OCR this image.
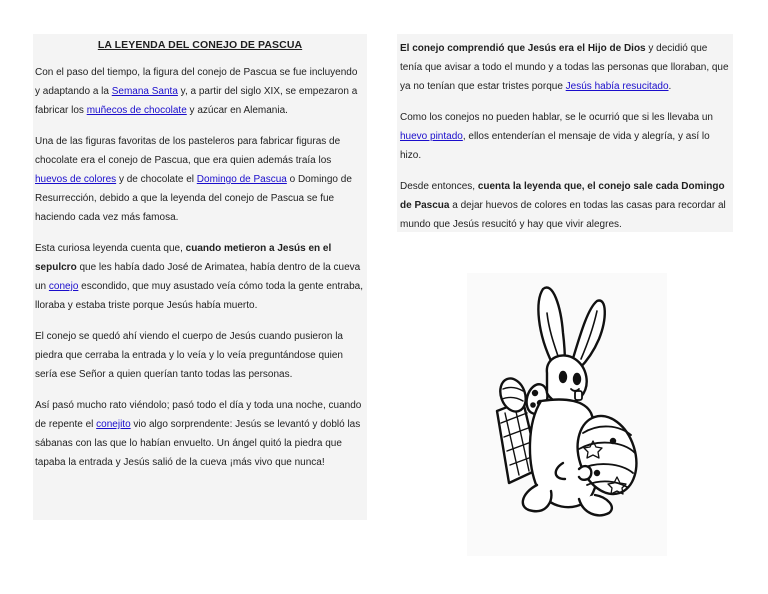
LA LEYENDA DEL CONEJO DE PASCUA

Con el paso del tiempo, la figura del conejo de Pascua se fue incluyendo y adaptando a la Semana Santa y, a partir del siglo XIX, se empezaron a fabricar los muñecos de chocolate y azúcar en Alemania.

Una de las figuras favoritas de los pasteleros para fabricar figuras de chocolate era el conejo de Pascua, que era quien además traía los huevos de colores y de chocolate el Domingo de Pascua o Domingo de Resurrección, debido a que la leyenda del conejo de Pascua se fue haciendo cada vez más famosa.

Esta curiosa leyenda cuenta que, cuando metieron a Jesús en el sepulcro que les había dado José de Arimatea, había dentro de la cueva un conejo escondido, que muy asustado veía cómo toda la gente entraba, lloraba y estaba triste porque Jesús había muerto.

El conejo se quedó ahí viendo el cuerpo de Jesús cuando pusieron la piedra que cerraba la entrada y lo veía y lo veía preguntándose quien sería ese Señor a quien querían tanto todas las personas.

Así pasó mucho rato viéndolo; pasó todo el día y toda una noche, cuando de repente el conejito vio algo sorprendente: Jesús se levantó y dobló las sábanas con las que lo habían envuelto. Un ángel quitó la piedra que tapaba la entrada y Jesús salió de la cueva ¡más vivo que nunca!

El conejo comprendió que Jesús era el Hijo de Dios y decidió que tenía que avisar a todo el mundo y a todas las personas que lloraban, que ya no tenían que estar tristes porque Jesús había resucitado.

Como los conejos no pueden hablar, se le ocurrió que si les llevaba un huevo pintado, ellos entenderían el mensaje de vida y alegría, y así lo hizo.

Desde entonces, cuenta la leyenda que, el conejo sale cada Domingo de Pascua a dejar huevos de colores en todas las casas para recordar al mundo que Jesús resucitó y hay que vivir alegres.
